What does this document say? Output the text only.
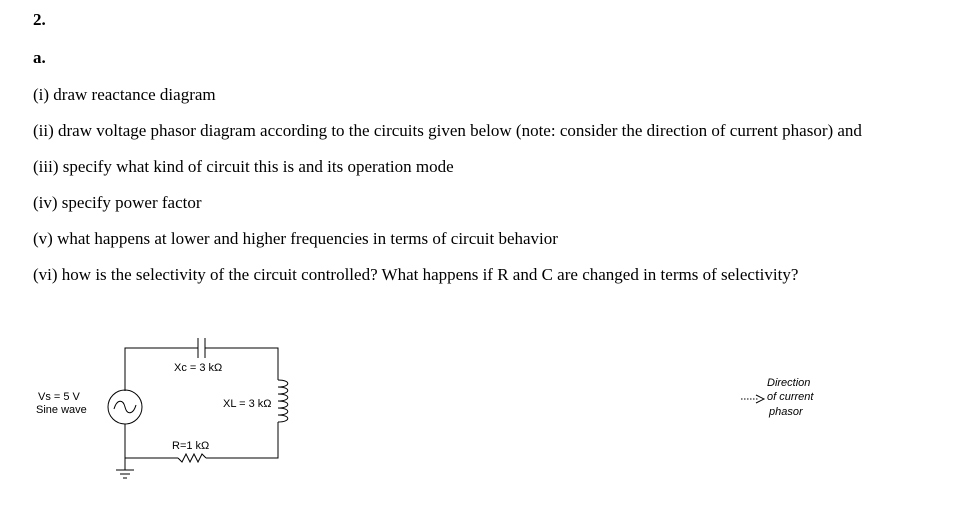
2.
a.
(i) draw reactance diagram
(ii) draw voltage phasor diagram according to the circuits given below (note: consider the direction of current phasor) and
(iii) specify what kind of circuit this is and its operation mode
(iv) specify power factor
(v) what happens at lower and higher frequencies in terms of circuit behavior
(vi) how is the selectivity of the circuit controlled? What happens if R and C are changed in terms of selectivity?
Xc = 3 kΩ
XL = 3 kΩ
R=1 kΩ
Vs = 5 V
Sine wave
Direction
of current
phasor
